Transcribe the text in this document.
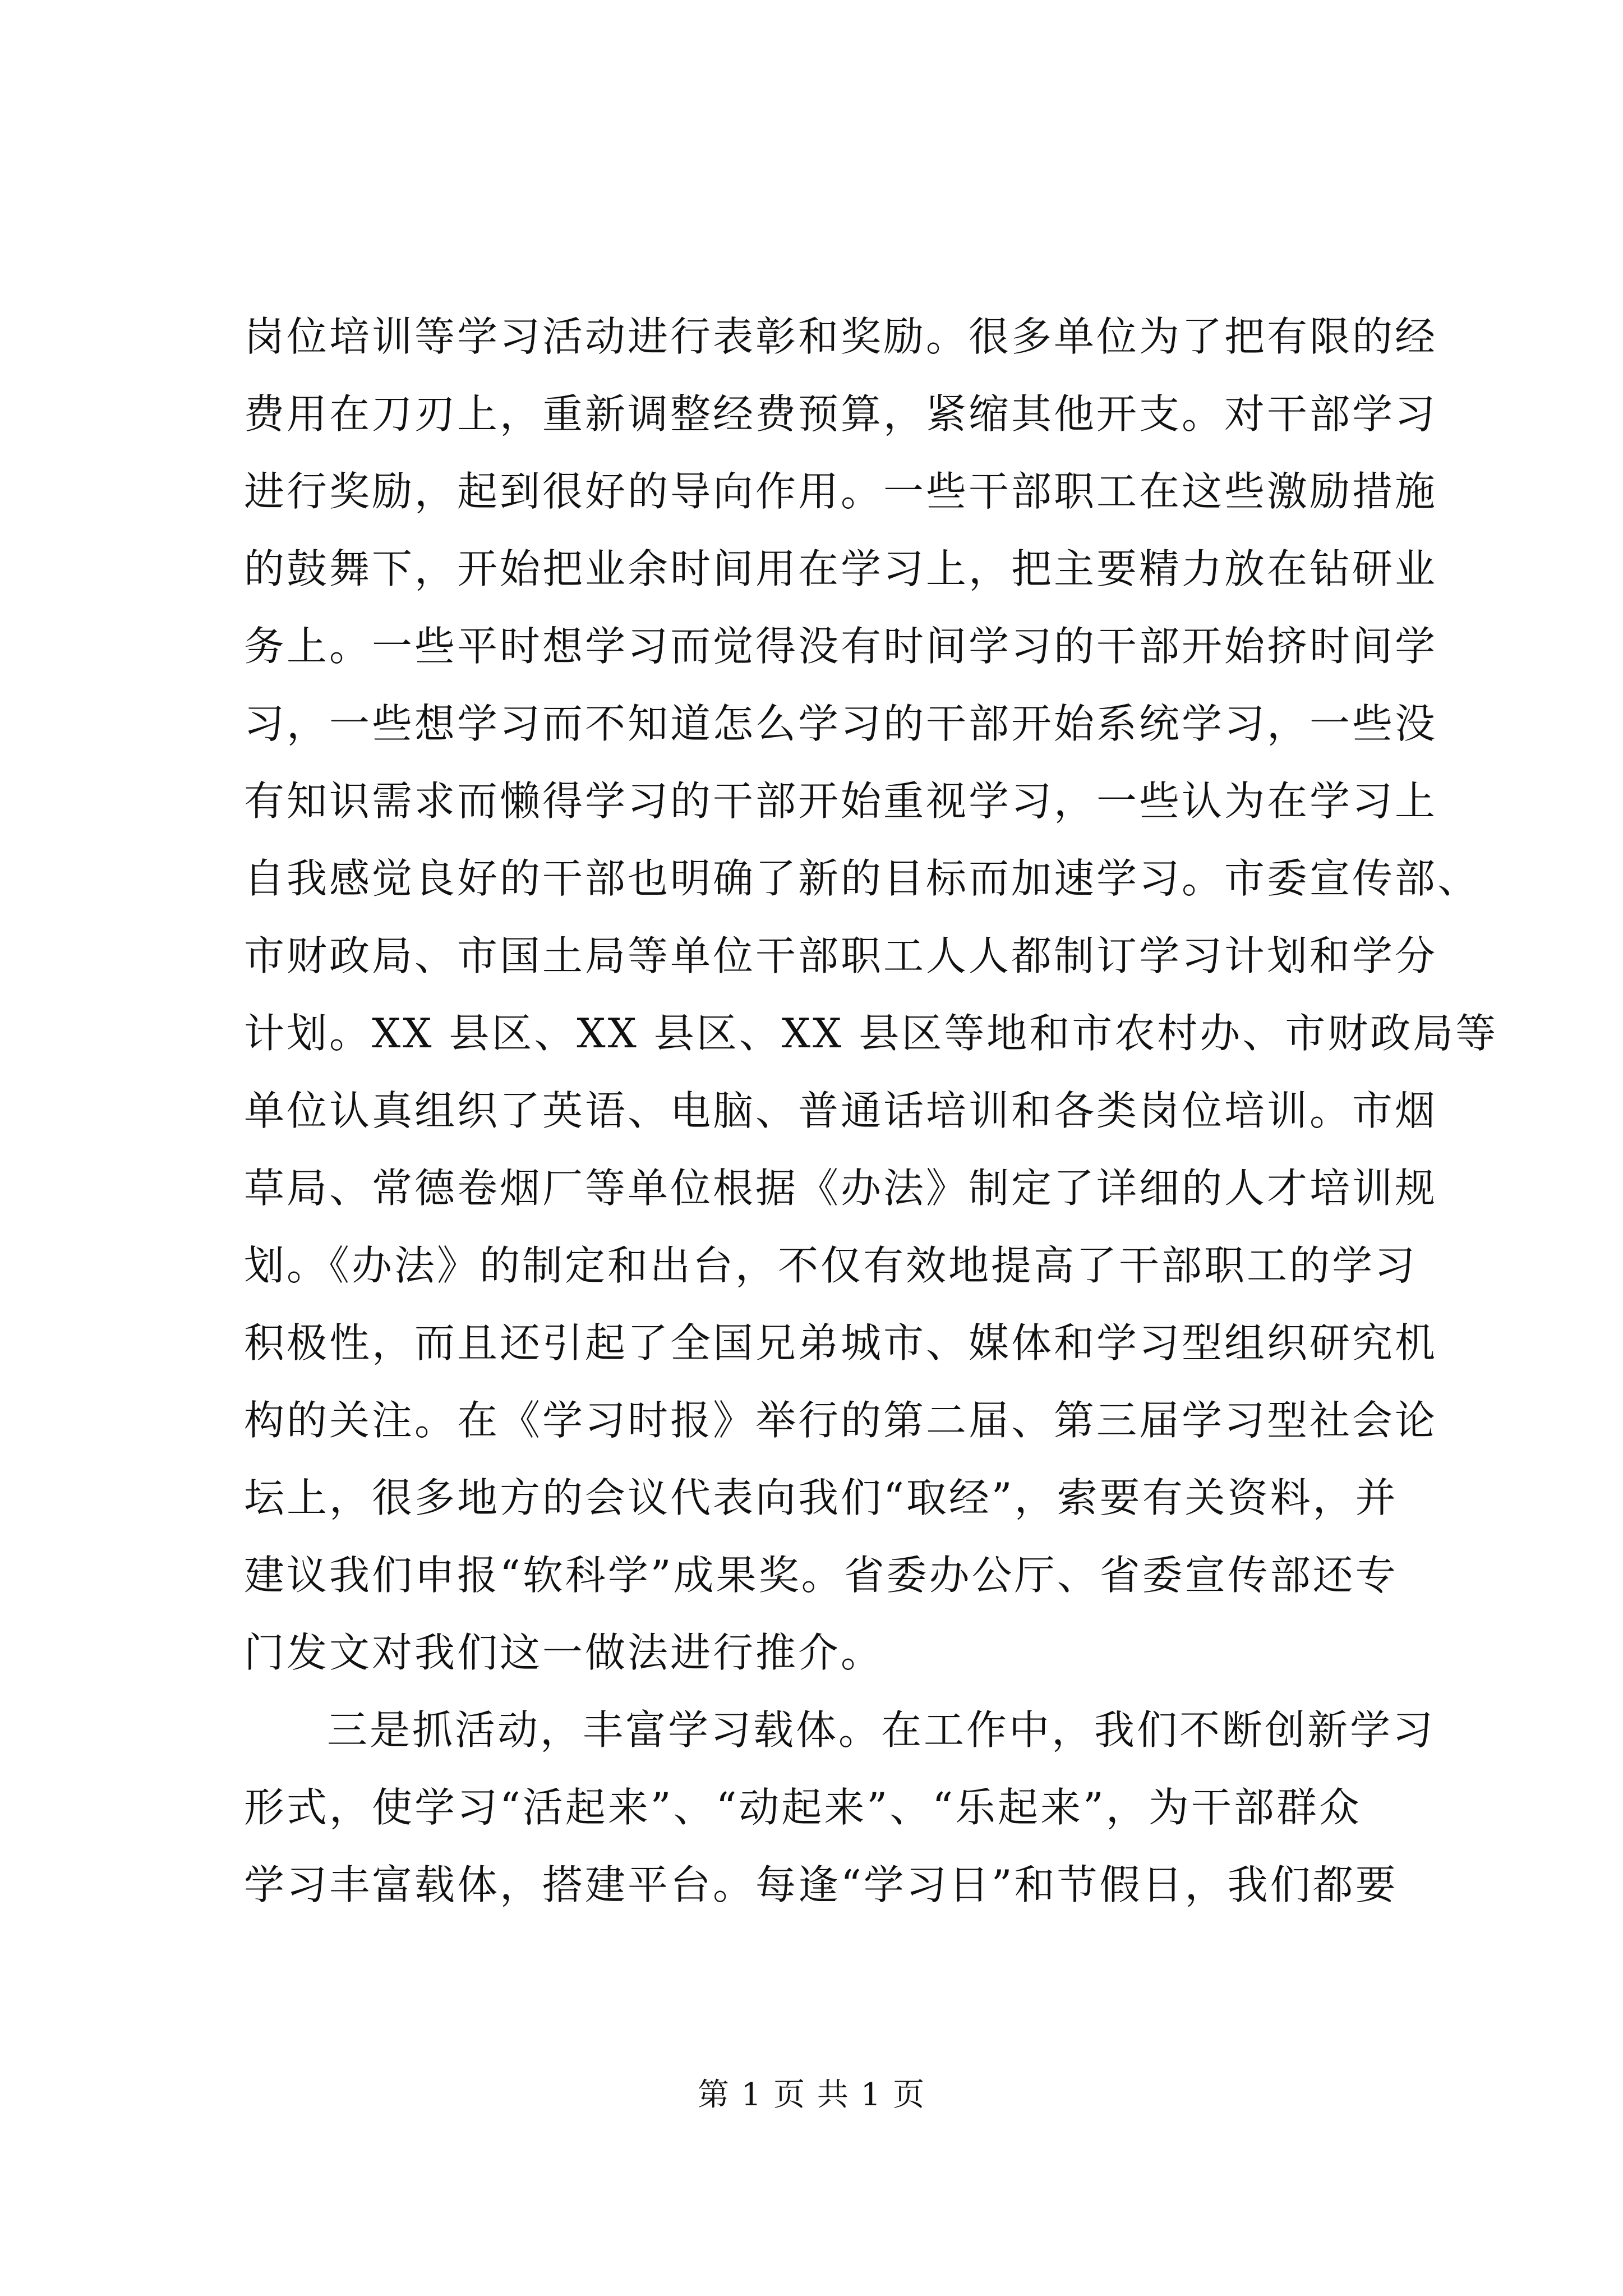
岗位培训等学习活动进行表彰和奖励。很多单位为了把有限的经
费用在刀刃上，重新调整经费预算，紧缩其他开支。对干部学习
进行奖励，起到很好的导向作用。一些干部职工在这些激励措施
的鼓舞下，开始把业余时间用在学习上，把主要精力放在钻研业
务上。一些平时想学习而觉得没有时间学习的干部开始挤时间学
习，一些想学习而不知道怎么学习的干部开始系统学习，一些没
有知识需求而懒得学习的干部开始重视学习，一些认为在学习上
自我感觉良好的干部也明确了新的目标而加速学习。市委宣传部、
市财政局、市国土局等单位干部职工人人都制订学习计划和学分
计划。XX 县区、XX 县区、XX 县区等地和市农村办、市财政局等
单位认真组织了英语、电脑、普通话培训和各类岗位培训。市烟
草局、常德卷烟厂等单位根据《办法》制定了详细的人才培训规
划。《办法》的制定和出台，不仅有效地提高了干部职工的学习
积极性，而且还引起了全国兄弟城市、媒体和学习型组织研究机
构的关注。在《学习时报》举行的第二届、第三届学习型社会论
坛上，很多地方的会议代表向我们“取经”，索要有关资料，并
建议我们申报“软科学”成果奖。省委办公厅、省委宣传部还专
门发文对我们这一做法进行推介。
三是抓活动，丰富学习载体。在工作中，我们不断创新学习
形式，使学习“活起来”、“动起来”、“乐起来”，为干部群众
学习丰富载体，搭建平台。每逢“学习日”和节假日，我们都要
第 1 页 共 1 页
